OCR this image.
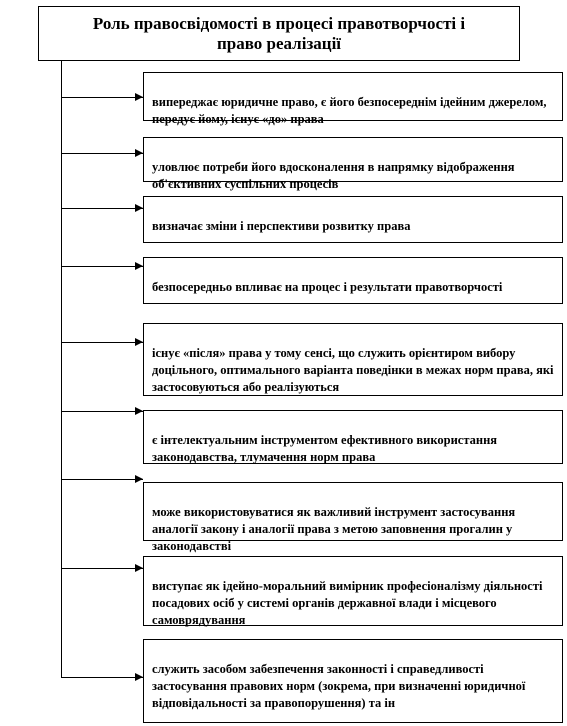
Роль правосвідомості в процесі правотворчості і
право реалізації

випереджає юридичне право, є його безпосереднім ідейним джерелом, передує йому, існує «до» права

уловлює потреби його вдосконалення в напрямку відображення об'єктивних суспільних процесів

визначає зміни і перспективи розвитку права

безпосередньо впливає на процес і результати правотворчості

існує «після» права у тому сенсі, що служить орієнтиром вибору доцільного, оптимального варіанта поведінки в межах норм права, які застосовуються або реалізуються

є інтелектуальним інструментом ефективного використання законодавства, тлумачення норм права

може використовуватися як важливий інструмент застосування аналогії закону і аналогії права з метою заповнення прогалин у законодавстві

виступає як ідейно-моральний вимірник професіоналізму діяльності посадових осіб у системі органів державної влади і місцевого самоврядування

служить засобом забезпечення законності і справедливості застосування правових норм (зокрема, при визначенні юридичної відповідальності за правопорушення) та ін
